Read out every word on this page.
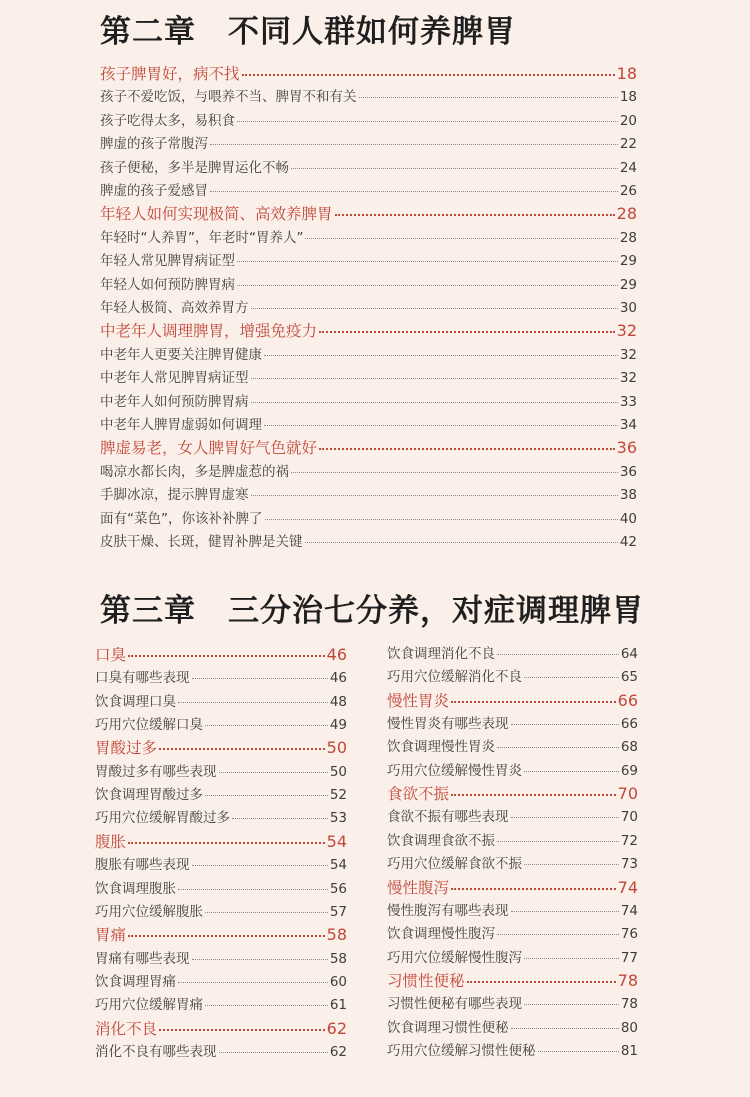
第二章　不同人群如何养脾胃
孩子脾胃好，病不找	18
孩子不爱吃饭，与喂养不当、脾胃不和有关	18
孩子吃得太多，易积食	20
脾虚的孩子常腹泻	22
孩子便秘，多半是脾胃运化不畅	24
脾虚的孩子爱感冒	26
年轻人如何实现极简、高效养脾胃	28
年轻时“人养胃”，年老时“胃养人”	28
年轻人常见脾胃病证型	29
年轻人如何预防脾胃病	29
年轻人极简、高效养胃方	30
中老年人调理脾胃，增强免疫力	32
中老年人更要关注脾胃健康	32
中老年人常见脾胃病证型	32
中老年人如何预防脾胃病	33
中老年人脾胃虚弱如何调理	34
脾虚易老，女人脾胃好气色就好	36
喝凉水都长肉，多是脾虚惹的祸	36
手脚冰凉，提示脾胃虚寒	38
面有“菜色”，你该补补脾了	40
皮肤干燥、长斑，健胃补脾是关键	42
第三章　三分治七分养，对症调理脾胃
口臭	46
口臭有哪些表现	46
饮食调理口臭	48
巧用穴位缓解口臭	49
胃酸过多	50
胃酸过多有哪些表现	50
饮食调理胃酸过多	52
巧用穴位缓解胃酸过多	53
腹胀	54
腹胀有哪些表现	54
饮食调理腹胀	56
巧用穴位缓解腹胀	57
胃痛	58
胃痛有哪些表现	58
饮食调理胃痛	60
巧用穴位缓解胃痛	61
消化不良	62
消化不良有哪些表现	62
饮食调理消化不良	64
巧用穴位缓解消化不良	65
慢性胃炎	66
慢性胃炎有哪些表现	66
饮食调理慢性胃炎	68
巧用穴位缓解慢性胃炎	69
食欲不振	70
食欲不振有哪些表现	70
饮食调理食欲不振	72
巧用穴位缓解食欲不振	73
慢性腹泻	74
慢性腹泻有哪些表现	74
饮食调理慢性腹泻	76
巧用穴位缓解慢性腹泻	77
习惯性便秘	78
习惯性便秘有哪些表现	78
饮食调理习惯性便秘	80
巧用穴位缓解习惯性便秘	81
